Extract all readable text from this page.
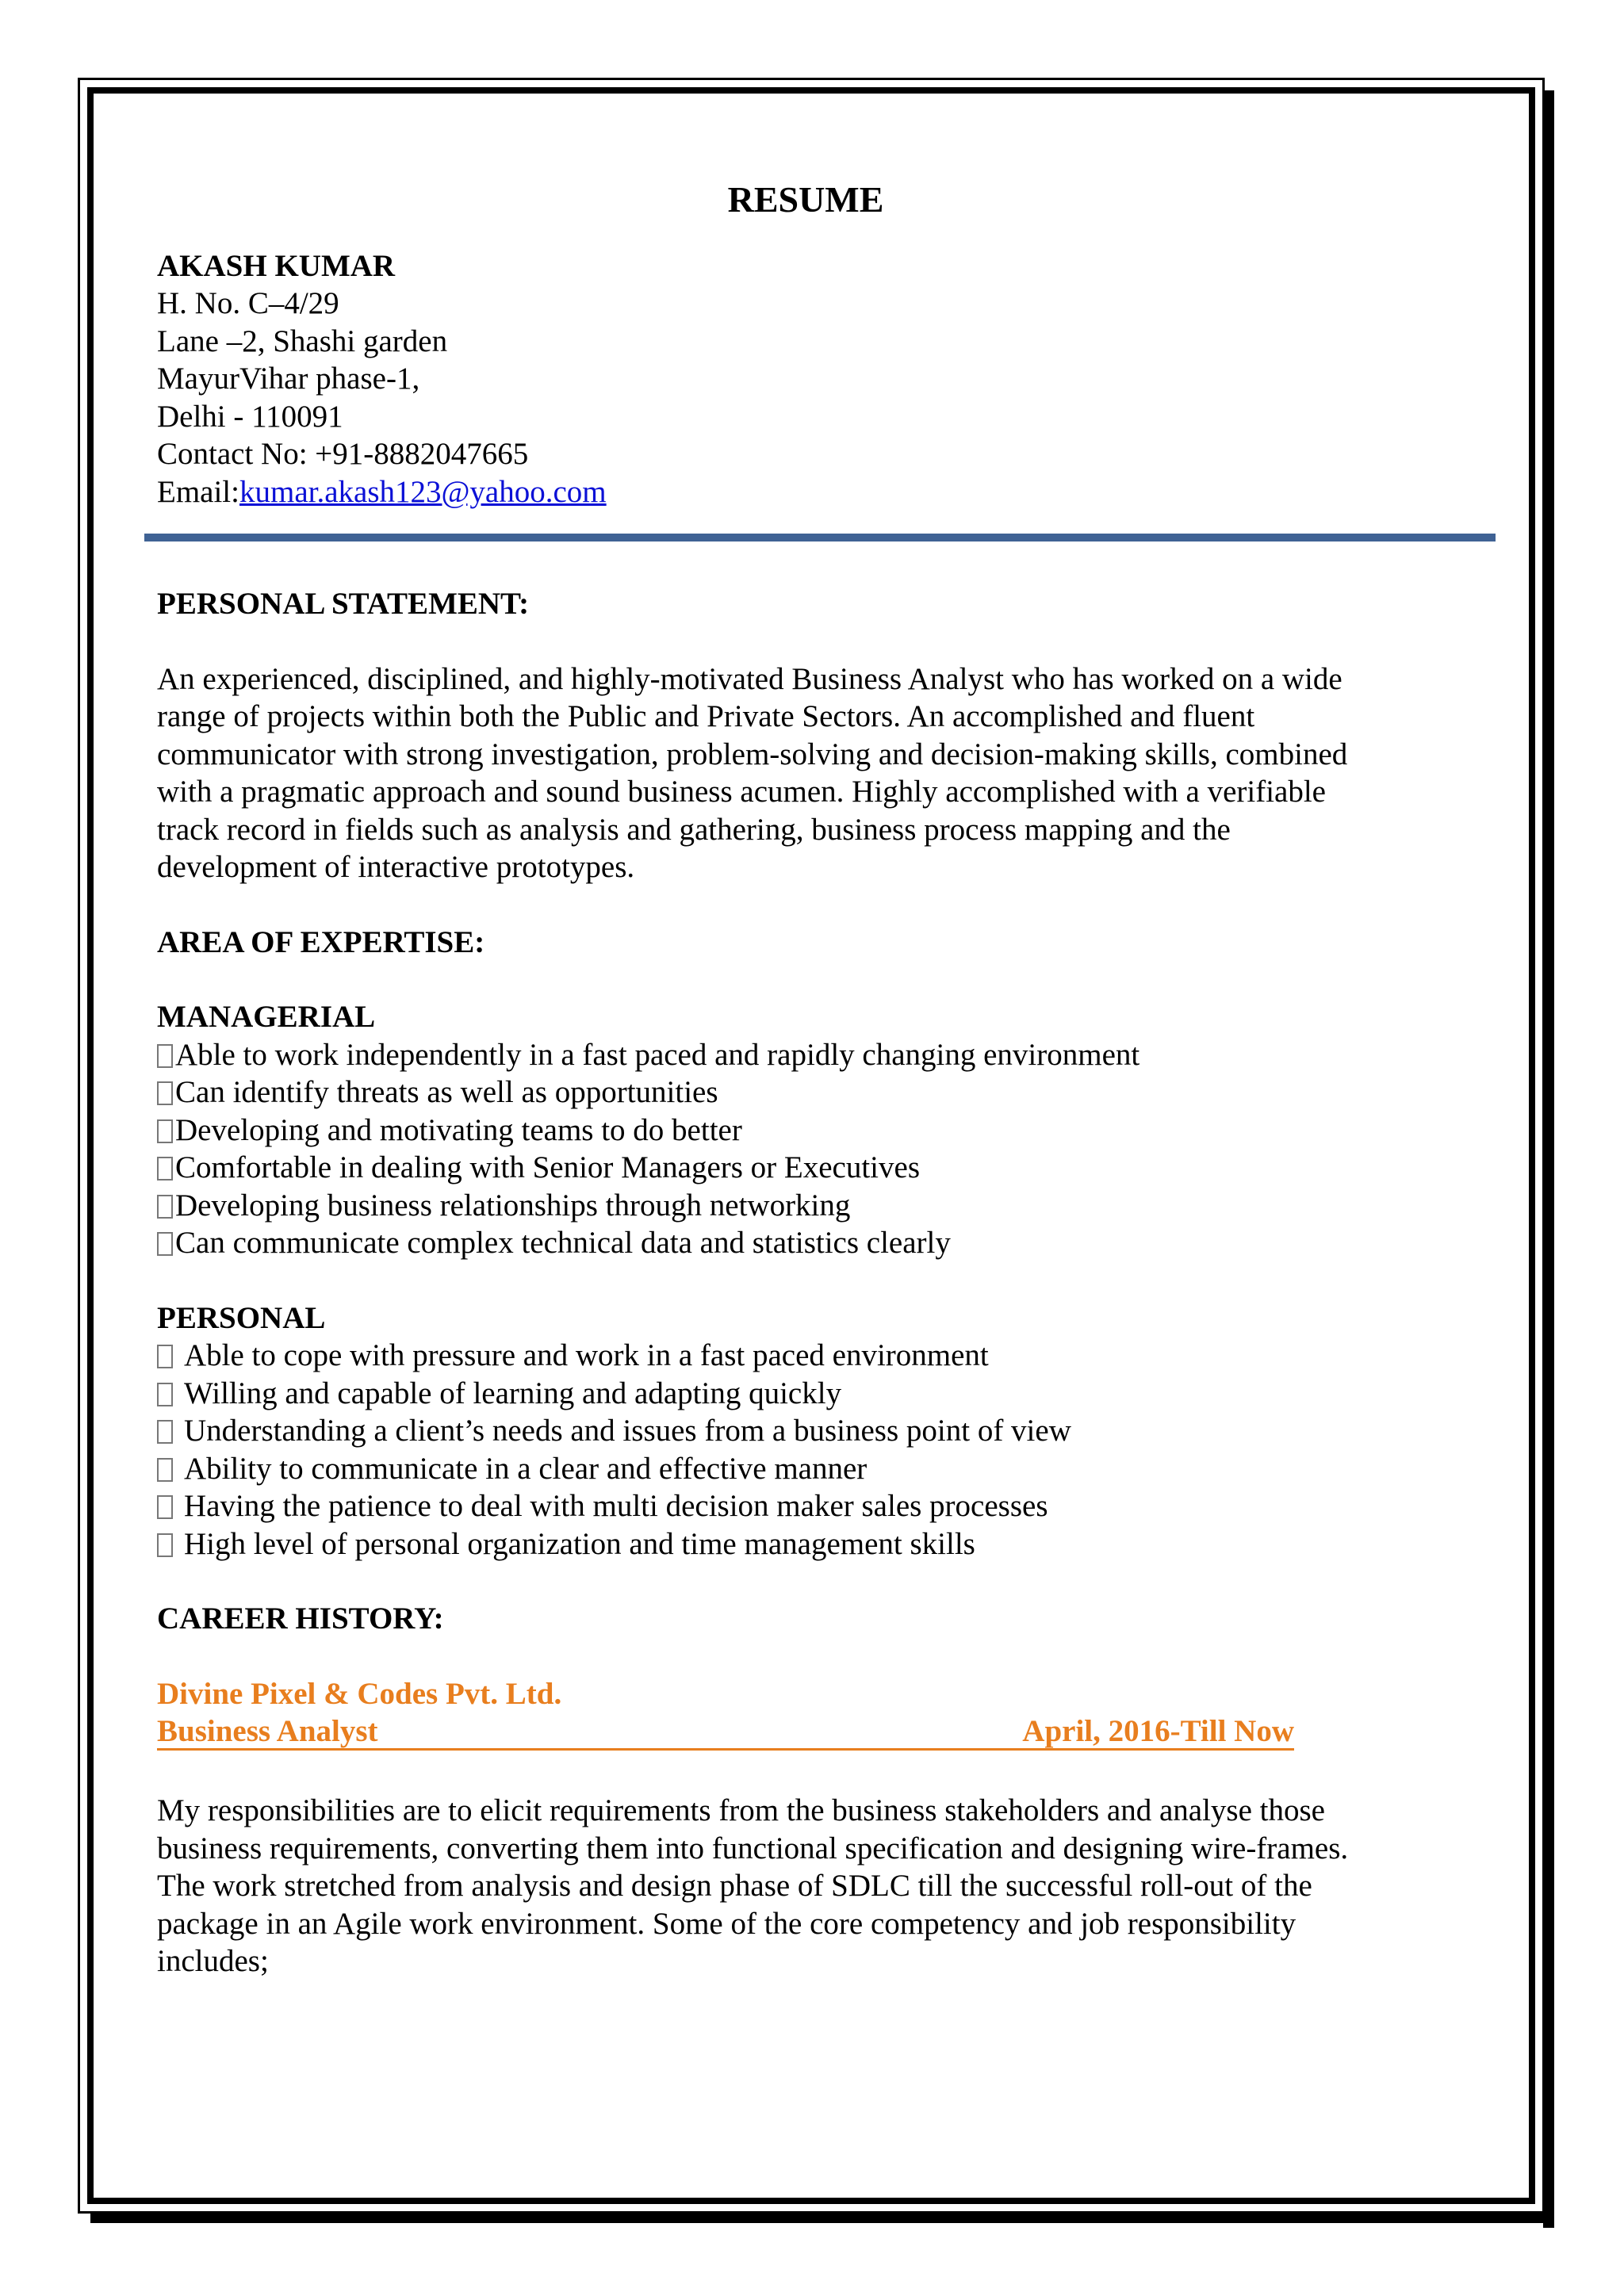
RESUME
AKASH KUMAR
H. No. C–4/29
Lane –2, Shashi garden
MayurVihar phase-1,
Delhi - 110091
Contact No: +91-8882047665
Email:kumar.akash123@yahoo.com
PERSONAL STATEMENT:
An experienced, disciplined, and highly-motivated Business Analyst who has worked on a wide
range of projects within both the Public and Private Sectors. An accomplished and fluent
communicator with strong investigation, problem-solving and decision-making skills, combined
with a pragmatic approach and sound business acumen. Highly accomplished with a verifiable
track record in fields such as analysis and gathering, business process mapping and the
development of interactive prototypes.
AREA OF EXPERTISE:
MANAGERIAL
Able to work independently in a fast paced and rapidly changing environment
Can identify threats as well as opportunities
Developing and motivating teams to do better
Comfortable in dealing with Senior Managers or Executives
Developing business relationships through networking
Can communicate complex technical data and statistics clearly
PERSONAL
Able to cope with pressure and work in a fast paced environment
Willing and capable of learning and adapting quickly
Understanding a client’s needs and issues from a business point of view
Ability to communicate in a clear and effective manner
Having the patience to deal with multi decision maker sales processes
High level of personal organization and time management skills
CAREER HISTORY:
Divine Pixel & Codes Pvt. Ltd.
Business Analyst	April, 2016-Till Now
My responsibilities are to elicit requirements from the business stakeholders and analyse those
business requirements, converting them into functional specification and designing wire-frames.
The work stretched from analysis and design phase of SDLC till the successful roll-out of the
package in an Agile work environment. Some of the core competency and job responsibility
includes;
